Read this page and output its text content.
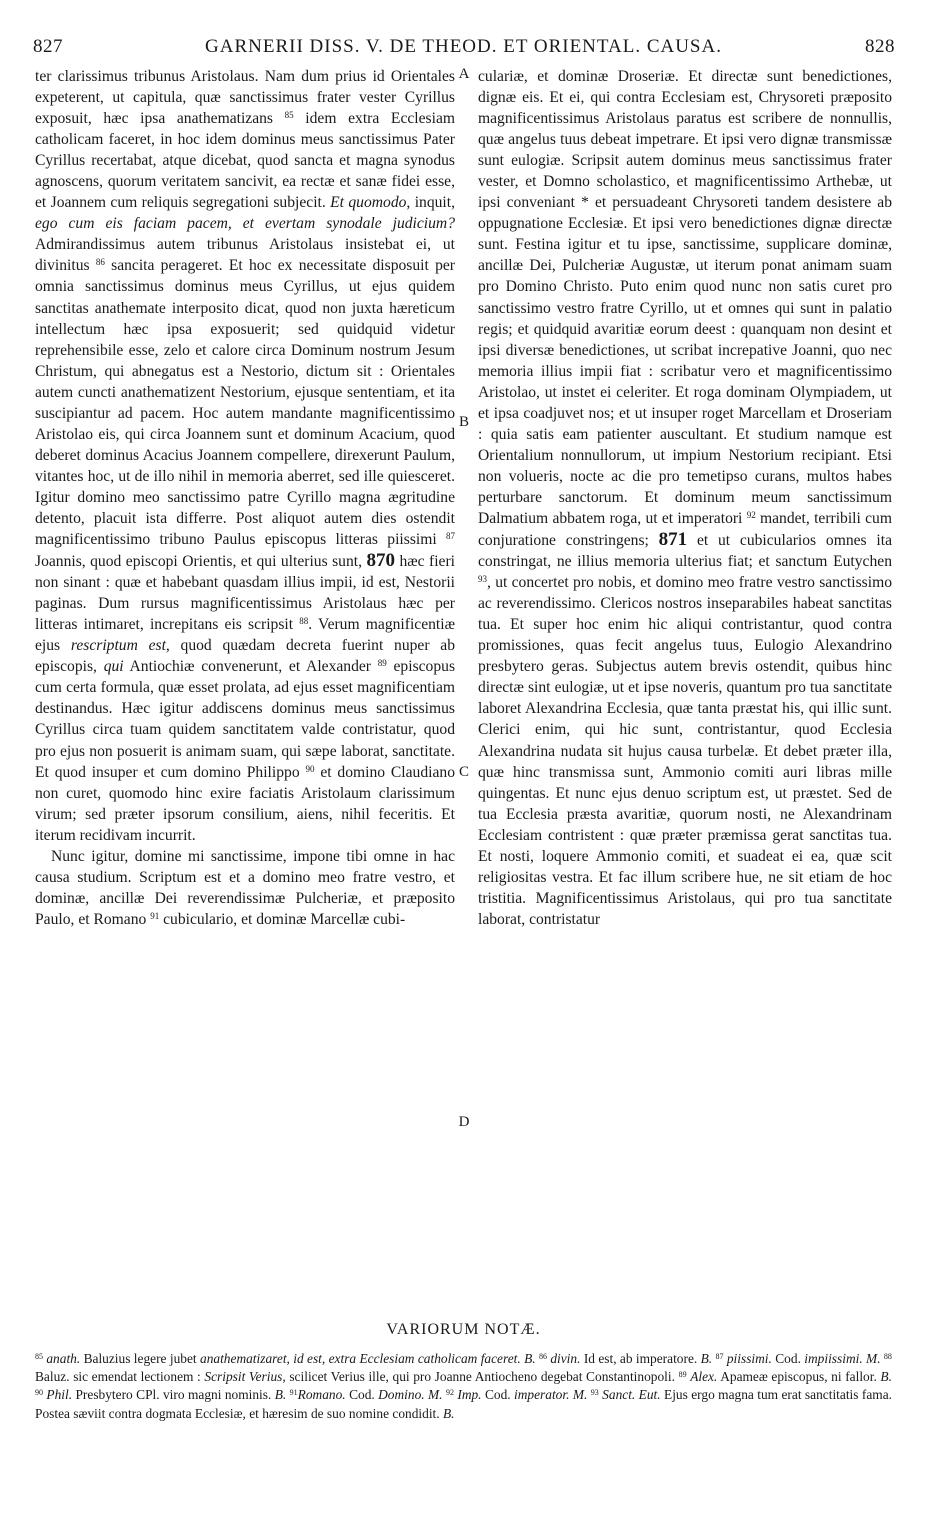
GARNERII DISS. V. DE THEOD. ET ORIENTAL. CAUSA.
827	828

ter clarissimus tribunus Aristolaus. Nam dum prius id Orientales expeterent, ut capitula, quæ sanctissimus frater vester Cyrillus exposuit, hæc ipsa anathematizans $^{85}$ idem extra Ecclesiam catholicam faceret, in hoc idem dominus meus sanctissimus Pater Cyrillus recertabat, atque dicebat, quod sancta et magna synodus agnoscens, quorum veritatem sancivit, ea rectæ et sanæ fidei esse, et Joannem cum reliquis segregationi subjecit. Et quomodo, inquit, ego cum eis faciam pacem, et evertam synodale judicium? Admirandissimus autem tribunus Aristolaus insistebat ei, ut divinitus $^{86}$ sancita perageret. Et hoc ex necessitate disposuit per omnia sanctissimus dominus meus Cyrillus, ut ejus quidem sanctitas anathemate interposito dicat, quod non juxta hæreticum intellectum hæc ipsa exposuerit; sed quidquid videtur reprehensibile esse, zelo et calore circa Dominum nostrum Jesum Christum, qui abnegatus est a Nestorio, dictum sit : Orientales autem cuncti anathematizent Nestorium, ejusque sententiam, et ita suscipiantur ad pacem. Hoc autem mandante magnificentissimo Aristolao eis, qui circa Joannem sunt et dominum Acacium, quod deberet dominus Acacius Joannem compellere, direxerunt Paulum, vitantes hoc, ut de illo nihil in memoria aberret, sed ille quiesceret. Igitur domino meo sanctissimo patre Cyrillo magna ægritudine detento, placuit ista differre. Post aliquot autem dies ostendit magnificentissimo tribuno Paulus episcopus litteras piissimi $^{87}$ Joannis, quod episcopi Orientis, et qui ulterius sunt, 870 hæc fieri non sinant : quæ et habebant quasdam illius impii, id est, Nestorii paginas. Dum rursus magnificentissimus Aristolaus hæc per litteras intimaret, increpitans eis scripsit $^{88}$. Verum magnificentiæ ejus rescriptum est, quod quædam decreta fuerint nuper ab episcopis, qui Antiochiæ convenerunt, et Alexander $^{89}$ episcopus cum certa formula, quæ esset prolata, ad ejus esset magnificentiam destinandus. Hæc igitur addiscens dominus meus sanctissimus Cyrillus circa tuam quidem sanctitatem valde contristatur, quod pro ejus non posuerit is animam suam, qui sæpe laborat, sanctitate. Et quod insuper et cum domino Philippo $^{90}$ et domino Claudiano non curet, quomodo hinc exire faciatis Aristolaum clarissimum virum; sed præter ipsorum consilium, aiens, nihil feceritis. Et iterum recidivam incurrit.

Nunc igitur, domine mi sanctissime, impone tibi omne in hac causa studium. Scriptum est et a domino meo fratre vestro, et dominæ, ancillæ Dei reverendissimæ Pulcheriæ, et præposito Paulo, et Romano $^{91}$ cubiculario, et dominæ Marcellæ cubi-

A
B
C
D

culariæ, et dominæ Droseriæ. Et directæ sunt benedictiones, dignæ eis. Et ei, qui contra Ecclesiam est, Chrysoreti præposito magnificentissimus Aristolaus paratus est scribere de nonnullis, quæ angelus tuus debeat impetrare. Et ipsi vero dignæ transmissæ sunt eulogiæ. Scripsit autem dominus meus sanctissimus frater vester, et Domno scholastico, et magnificentissimo Arthebæ, ut ipsi conveniant * et persuadeant Chrysoreti tandem desistere ab oppugnatione Ecclesiæ. Et ipsi vero benedictiones dignæ directæ sunt. Festina igitur et tu ipse, sanctissime, supplicare dominæ, ancillæ Dei, Pulcheriæ Augustæ, ut iterum ponat animam suam pro Domino Christo. Puto enim quod nunc non satis curet pro sanctissimo vestro fratre Cyrillo, ut et omnes qui sunt in palatio regis; et quidquid avaritiæ eorum deest : quanquam non desint et ipsi diversæ benedictiones, ut scribat increpative Joanni, quo nec memoria illius impii fiat : scribatur vero et magnificentissimo Aristolao, ut instet ei celeriter. Et roga dominam Olympiadem, ut et ipsa coadjuvet nos; et ut insuper roget Marcellam et Droseriam : quia satis eam patienter auscultant. Et studium namque est Orientalium nonnullorum, ut impium Nestorium recipiant. Etsi non volueris, nocte ac die pro temetipso curans, multos habes perturbare sanctorum. Et dominum meum sanctissimum Dalmatium abbatem roga, ut et imperatori $^{92}$ mandet, terribili cum conjuratione constringens; 871 et ut cubicularios omnes ita constringat, ne illius memoria ulterius fiat; et sanctum Eutychen $^{93}$, ut concertet pro nobis, et domino meo fratre vestro sanctissimo ac reverendissimo. Clericos nostros inseparabiles habeat sanctitas tua. Et super hoc enim hic aliqui contristantur, quod contra promissiones, quas fecit angelus tuus, Eulogio Alexandrino presbytero geras. Subjectus autem brevis ostendit, quibus hinc directæ sint eulogiæ, ut et ipse noveris, quantum pro tua sanctitate laboret Alexandrina Ecclesia, quæ tanta præstat his, qui illic sunt. Clerici enim, qui hic sunt, contristantur, quod Ecclesia Alexandrina nudata sit hujus causa turbelæ. Et debet præter illa, quæ hinc transmissa sunt, Ammonio comiti auri libras mille quingentas. Et nunc ejus denuo scriptum est, ut præstet. Sed de tua Ecclesia præsta avaritiæ, quorum nosti, ne Alexandrinam Ecclesiam contristent : quæ præter præmissa gerat sanctitas tua. Et nosti, loquere Ammonio comiti, et suadeat ei ea, quæ scit religiositas vestra. Et fac illum scribere hue, ne sit etiam de hoc tristitia. Magnificentissimus Aristolaus, qui pro tua sanctitate laborat, contristatur

VARIORUM NOTÆ.
$^{85}$ anath. Baluzius legere jubet anathematizaret, id est, extra Ecclesiam catholicam faceret. B. $^{86}$ divin. Id est, ab imperatore. B. $^{87}$ piissimi. Cod. impiissimi. M. $^{88}$ Baluz. sic emendat lectionem : Scripsit Verius, scilicet Verius ille, qui pro Joanne Antiocheno degebat Constantinopoli. $^{89}$ Alex. Apameæ episcopus, ni fallor. B. $^{90}$ Phil. Presbytero CPl. viro magni nominis. B. $^{91}$Romano. Cod. Domino. M. $^{92}$ Imp. Cod. imperator. M. $^{93}$ Sanct. Eut. Ejus ergo magna tum erat sanctitatis fama. Postea sæviit contra dogmata Ecclesiæ, et hæresim de suo nomine condidit. B.
